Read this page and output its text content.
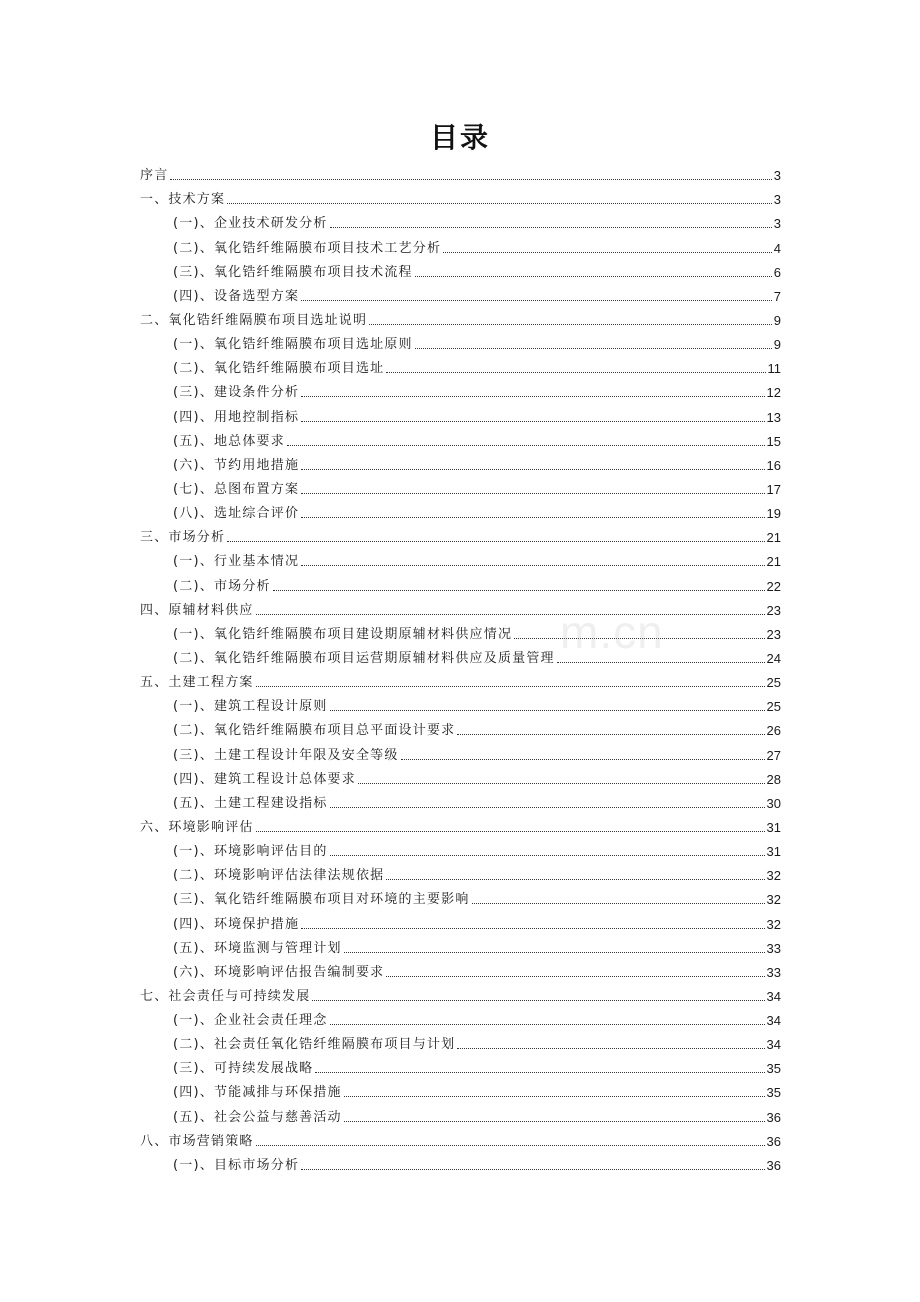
目录
序言	3
一、技术方案	3
(一)、企业技术研发分析	3
(二)、氧化锆纤维隔膜布项目技术工艺分析	4
(三)、氧化锆纤维隔膜布项目技术流程	6
(四)、设备选型方案	7
二、氧化锆纤维隔膜布项目选址说明	9
(一)、氧化锆纤维隔膜布项目选址原则	9
(二)、氧化锆纤维隔膜布项目选址	11
(三)、建设条件分析	12
(四)、用地控制指标	13
(五)、地总体要求	15
(六)、节约用地措施	16
(七)、总图布置方案	17
(八)、选址综合评价	19
三、市场分析	21
(一)、行业基本情况	21
(二)、市场分析	22
四、原辅材料供应	23
(一)、氧化锆纤维隔膜布项目建设期原辅材料供应情况	23
(二)、氧化锆纤维隔膜布项目运营期原辅材料供应及质量管理	24
五、土建工程方案	25
(一)、建筑工程设计原则	25
(二)、氧化锆纤维隔膜布项目总平面设计要求	26
(三)、土建工程设计年限及安全等级	27
(四)、建筑工程设计总体要求	28
(五)、土建工程建设指标	30
六、环境影响评估	31
(一)、环境影响评估目的	31
(二)、环境影响评估法律法规依据	32
(三)、氧化锆纤维隔膜布项目对环境的主要影响	32
(四)、环境保护措施	32
(五)、环境监测与管理计划	33
(六)、环境影响评估报告编制要求	33
七、社会责任与可持续发展	34
(一)、企业社会责任理念	34
(二)、社会责任氧化锆纤维隔膜布项目与计划	34
(三)、可持续发展战略	35
(四)、节能减排与环保措施	35
(五)、社会公益与慈善活动	36
八、市场营销策略	36
(一)、目标市场分析	36
m.cn
